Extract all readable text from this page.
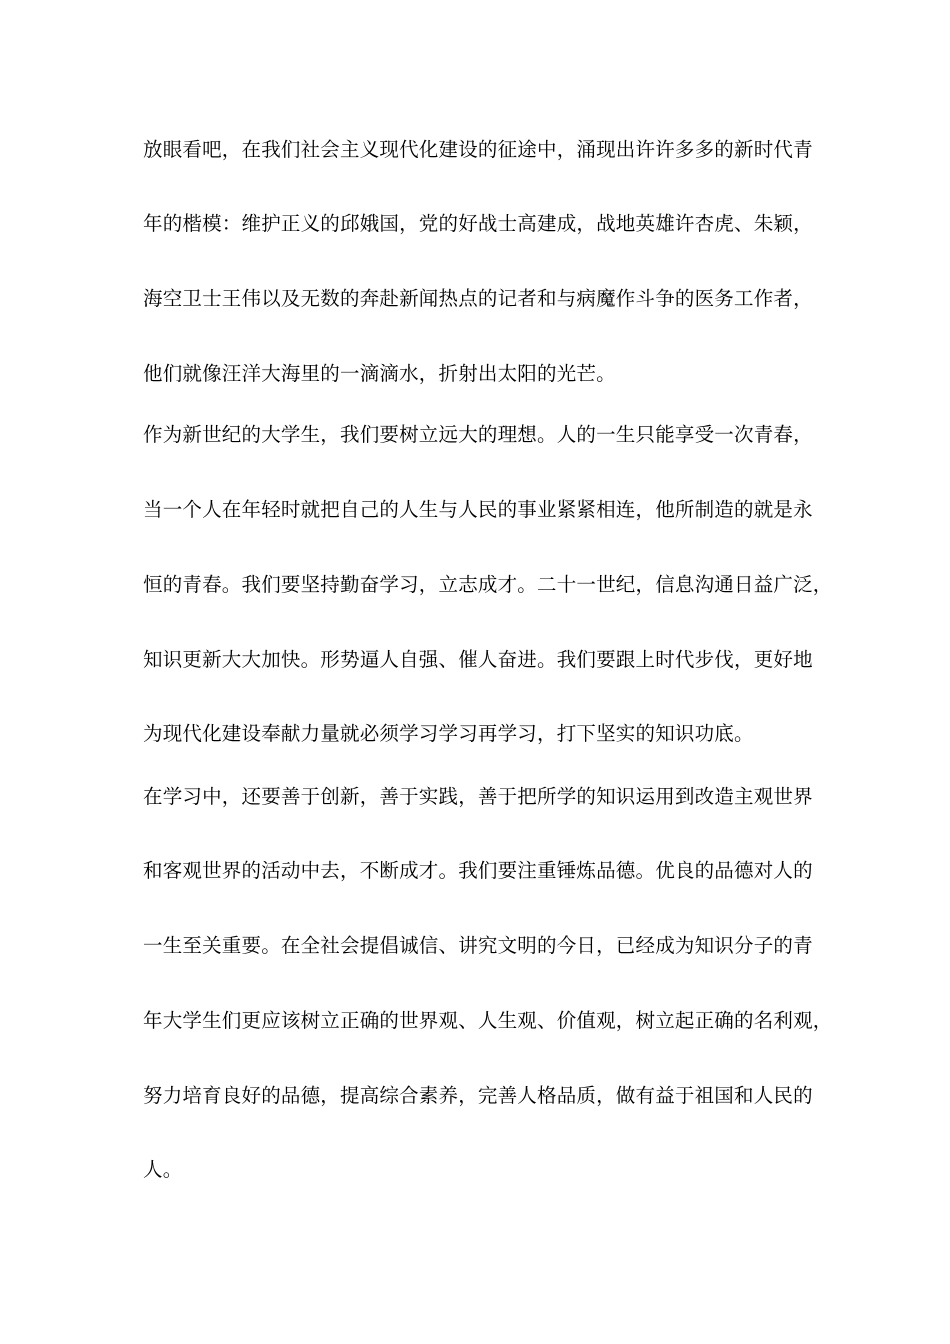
放眼看吧，在我们社会主义现代化建设的征途中，涌现出许许多多的新时代青
年的楷模：维护正义的邱娥国，党的好战士高建成，战地英雄许杏虎、朱颖，
海空卫士王伟以及无数的奔赴新闻热点的记者和与病魔作斗争的医务工作者，
他们就像汪洋大海里的一滴滴水，折射出太阳的光芒。
作为新世纪的大学生，我们要树立远大的理想。人的一生只能享受一次青春，
当一个人在年轻时就把自己的人生与人民的事业紧紧相连，他所制造的就是永
恒的青春。我们要坚持勤奋学习，立志成才。二十一世纪，信息沟通日益广泛，
知识更新大大加快。形势逼人自强、催人奋进。我们要跟上时代步伐，更好地
为现代化建设奉献力量就必须学习学习再学习，打下坚实的知识功底。
在学习中，还要善于创新，善于实践，善于把所学的知识运用到改造主观世界
和客观世界的活动中去，不断成才。我们要注重锤炼品德。优良的品德对人的
一生至关重要。在全社会提倡诚信、讲究文明的今日，已经成为知识分子的青
年大学生们更应该树立正确的世界观、人生观、价值观，树立起正确的名利观，
努力培育良好的品德，提高综合素养，完善人格品质，做有益于祖国和人民的
人。
